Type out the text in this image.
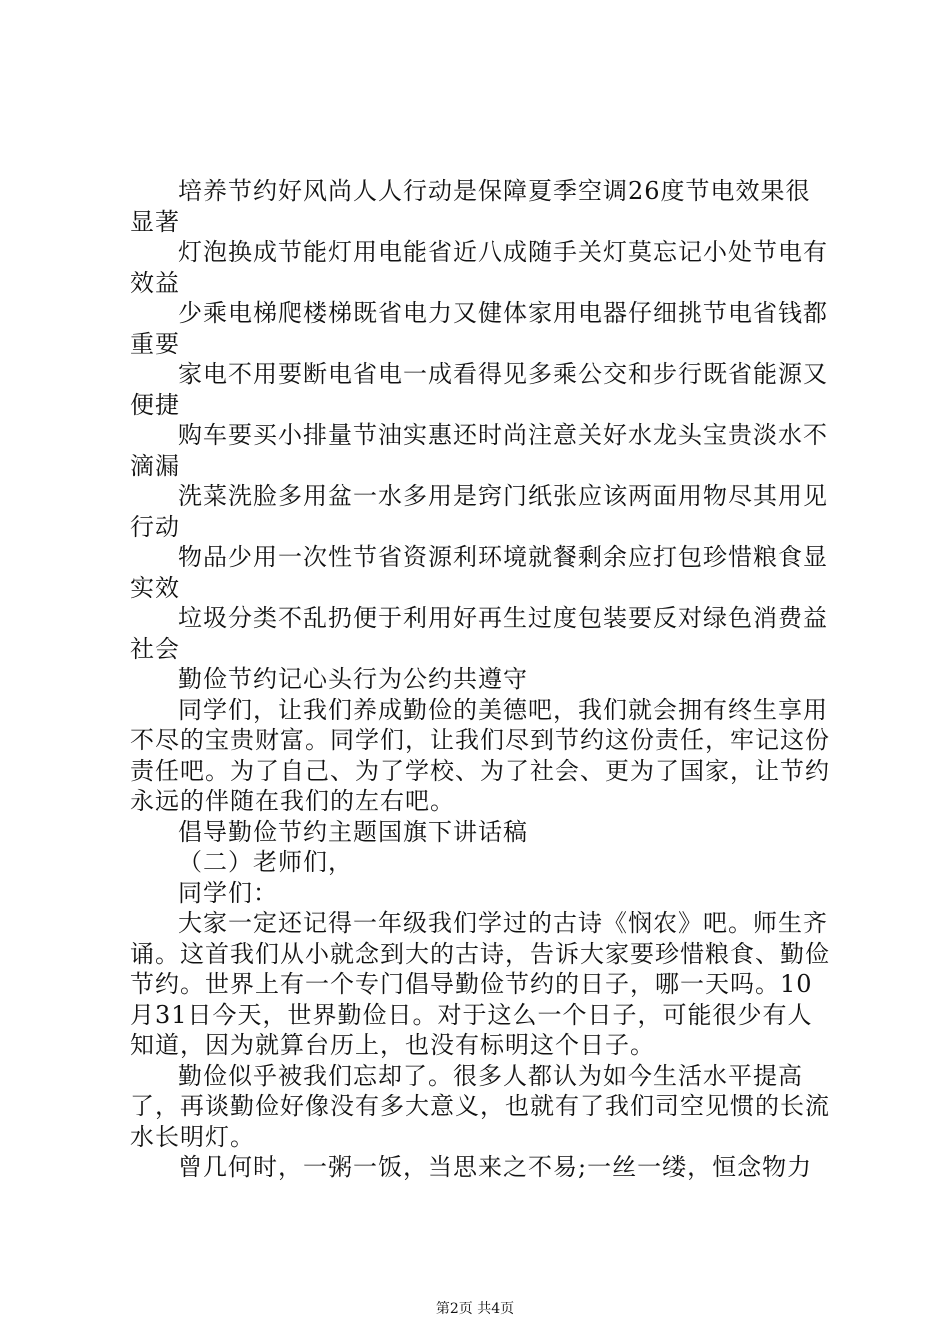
培养节约好风尚人人行动是保障夏季空调26度节电效果很显著

灯泡换成节能灯用电能省近八成随手关灯莫忘记小处节电有效益

少乘电梯爬楼梯既省电力又健体家用电器仔细挑节电省钱都重要

家电不用要断电省电一成看得见多乘公交和步行既省能源又便捷

购车要买小排量节油实惠还时尚注意关好水龙头宝贵淡水不滴漏

洗菜洗脸多用盆一水多用是窍门纸张应该两面用物尽其用见行动

物品少用一次性节省资源利环境就餐剩余应打包珍惜粮食显实效

垃圾分类不乱扔便于利用好再生过度包装要反对绿色消费益社会

勤俭节约记心头行为公约共遵守

同学们，让我们养成勤俭的美德吧，我们就会拥有终生享用不尽的宝贵财富。同学们，让我们尽到节约这份责任，牢记这份责任吧。为了自己、为了学校、为了社会、更为了国家，让节约永远的伴随在我们的左右吧。

倡导勤俭节约主题国旗下讲话稿

（二）老师们，

同学们：

大家一定还记得一年级我们学过的古诗《悯农》吧。师生齐诵。这首我们从小就念到大的古诗，告诉大家要珍惜粮食、勤俭节约。世界上有一个专门倡导勤俭节约的日子，哪一天吗。10月31日今天，世界勤俭日。对于这么一个日子，可能很少有人知道，因为就算台历上，也没有标明这个日子。

勤俭似乎被我们忘却了。很多人都认为如今生活水平提高了，再谈勤俭好像没有多大意义，也就有了我们司空见惯的长流水长明灯。

曾几何时，一粥一饭，当思来之不易;一丝一缕，恒念物力

第2页 共4页
